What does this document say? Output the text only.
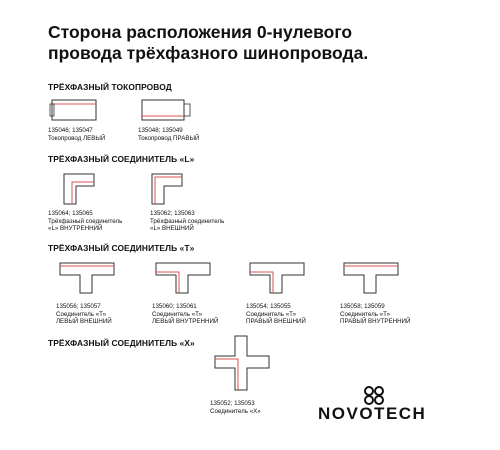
Сторона расположения 0-нулевого
провода трёхфазного шинопровода.
ТРЁХФАЗНЫЙ ТОКОПРОВОД
135046; 135047
Токопровод ЛЕВЫЙ
135048; 135049
Токопровод ПРАВЫЙ
ТРЁХФАЗНЫЙ СОЕДИНИТЕЛЬ «L»
135064; 135065
Трёхфазный соединитель
«L» ВНУТРЕННИЙ
135062; 135063
Трёхфазный соединитель
«L» ВНЕШНИЙ
ТРЁХФАЗНЫЙ СОЕДИНИТЕЛЬ «Т»
135056; 135057
Соединитель «Т»
ЛЕВЫЙ ВНЕШНИЙ
135060; 135061
Соединитель «Т»
ЛЕВЫЙ ВНУТРЕННИЙ
135054; 135055
Соединитель «Т»
ПРАВЫЙ ВНЕШНИЙ
135058; 135059
Соединитель «Т»
ПРАВЫЙ ВНУТРЕННИЙ
ТРЁХФАЗНЫЙ СОЕДИНИТЕЛЬ «Х»
135052; 135053
Соединитель «Х»	NOVOTECH
